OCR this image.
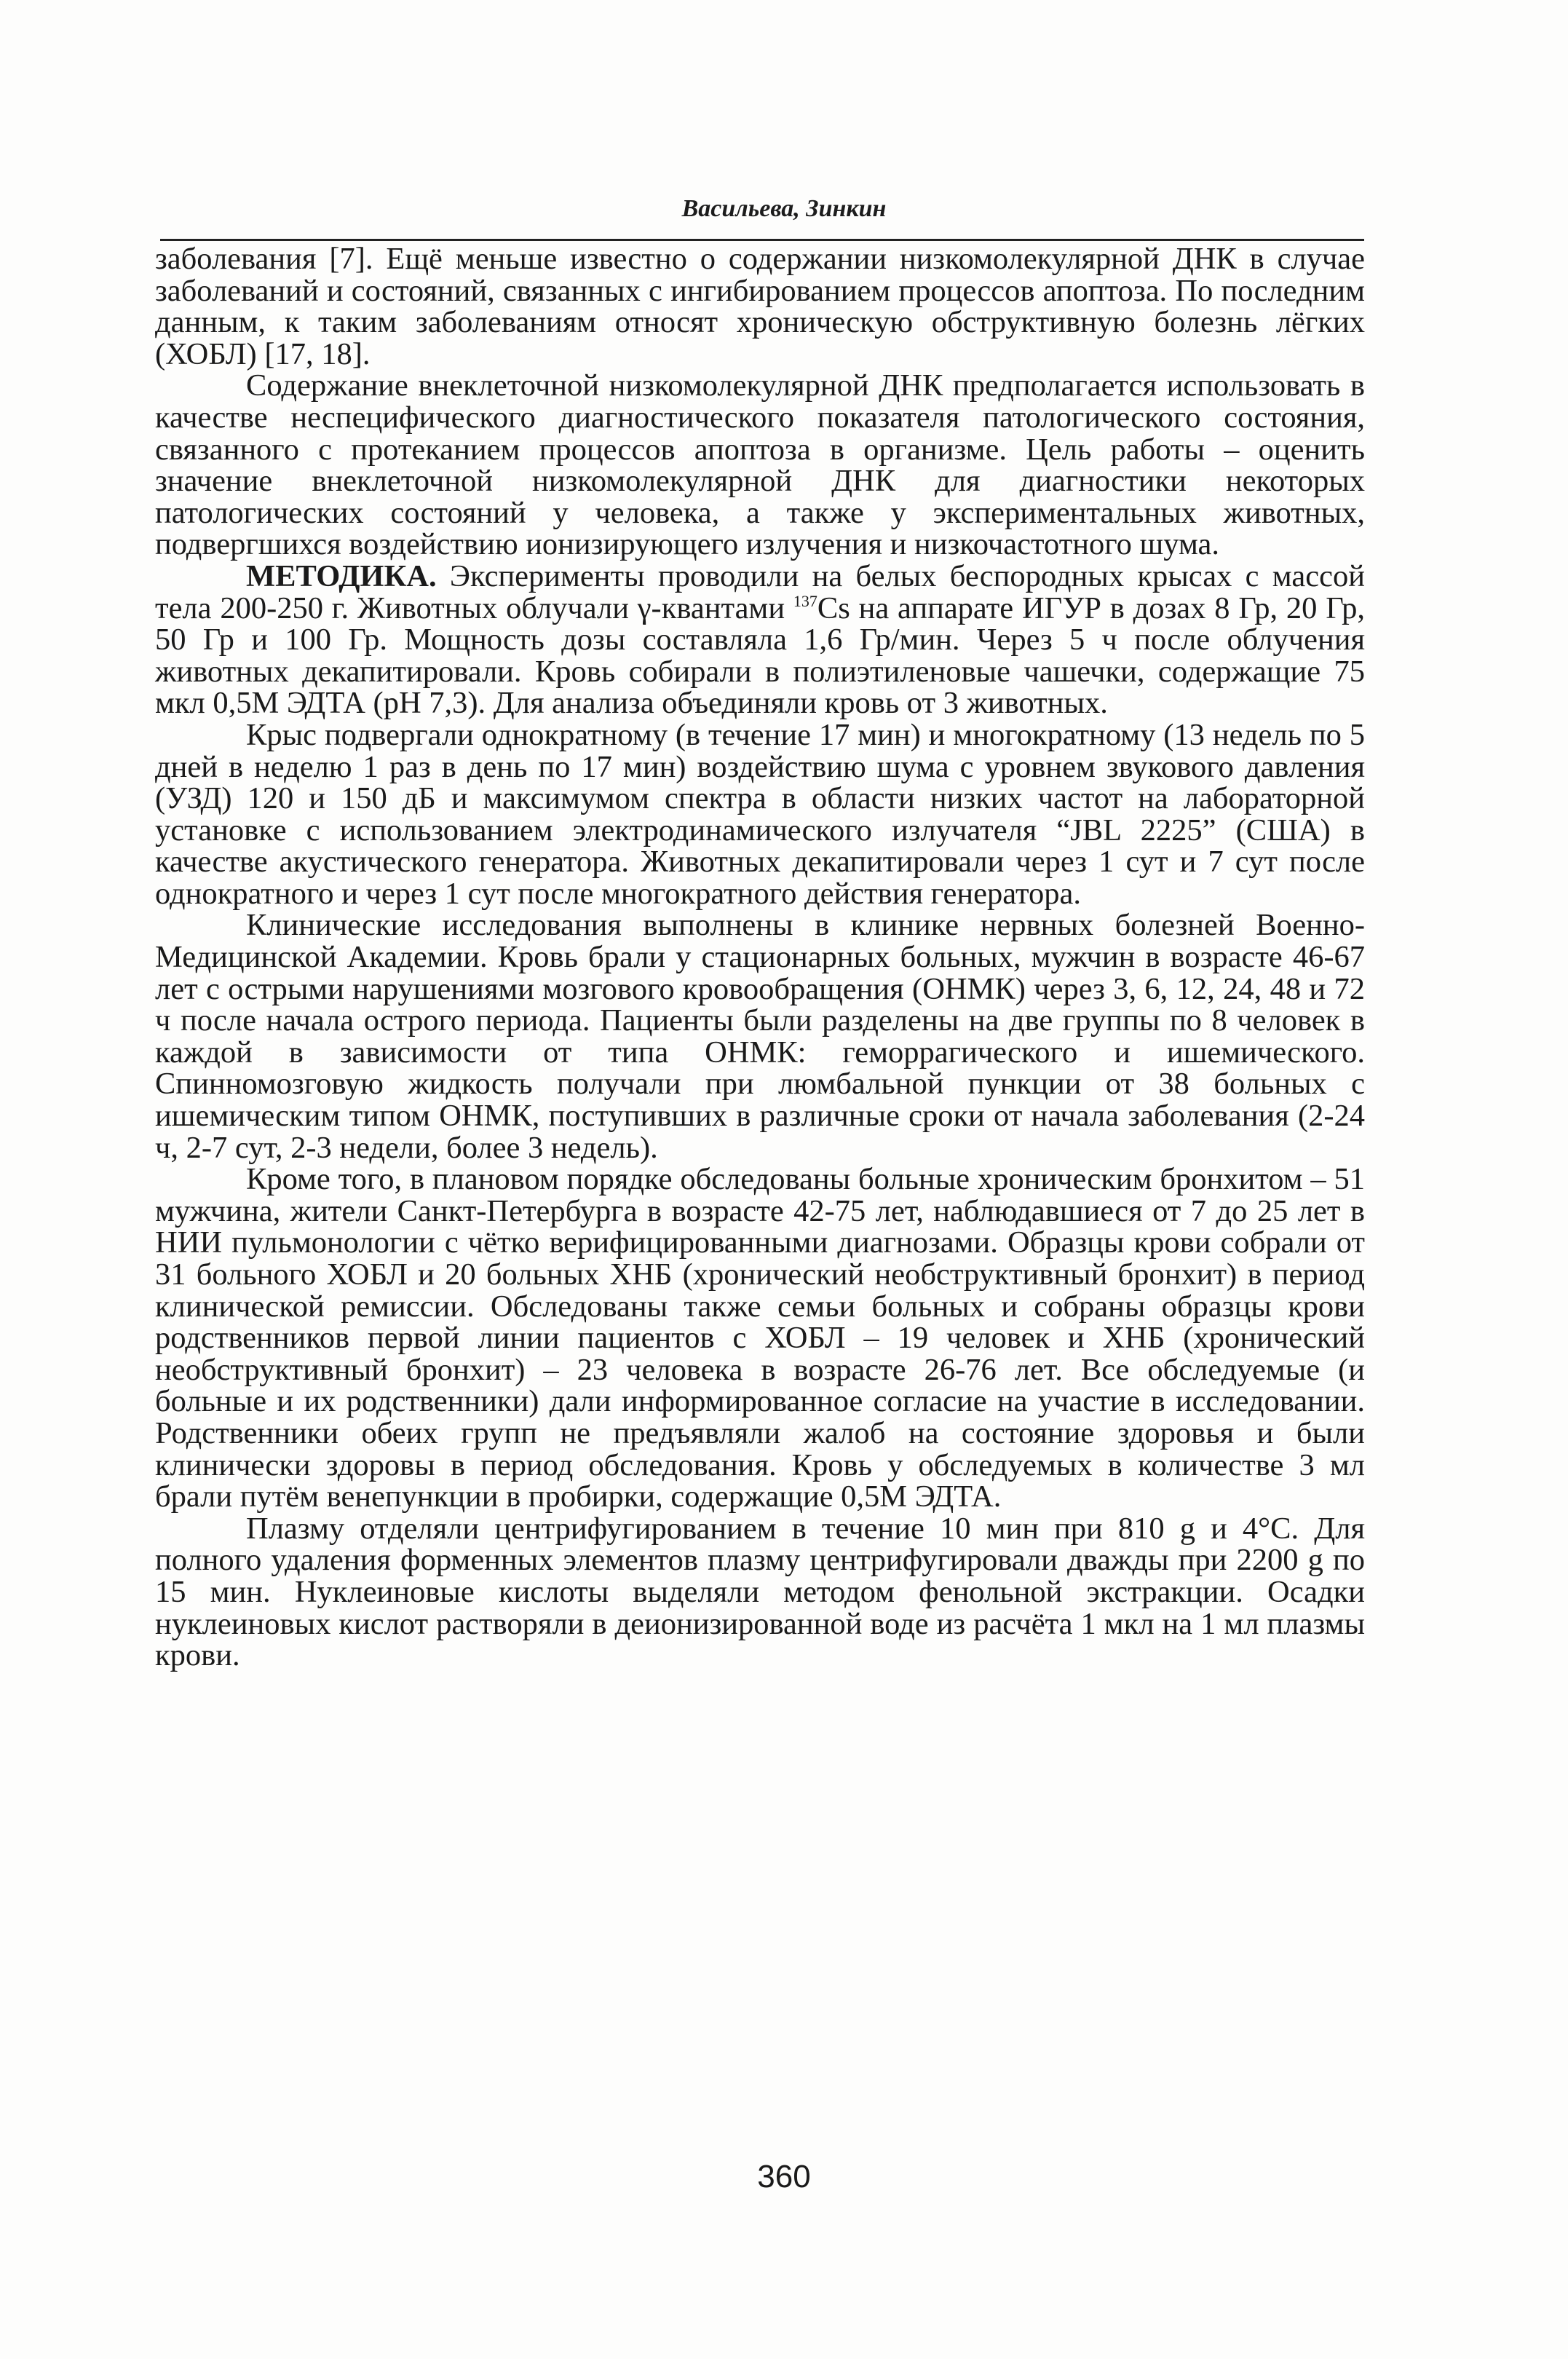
Васильева, Зинкин

заболевания [7]. Ещё меньше известно о содержании низкомолекулярной ДНК в случае заболеваний и состояний, связанных с ингибированием процессов апоптоза. По последним данным, к таким заболеваниям относят хроническую обструктивную болезнь лёгких (ХОБЛ) [17, 18].

Содержание внеклеточной низкомолекулярной ДНК предполагается использовать в качестве неспецифического диагностического показателя патологического состояния, связанного с протеканием процессов апоптоза в организме. Цель работы – оценить значение внеклеточной низкомолекулярной ДНК для диагностики некоторых патологических состояний у человека, а также у экспериментальных животных, подвергшихся воздействию ионизирующего излучения и низкочастотного шума.

МЕТОДИКА. Эксперименты проводили на белых беспородных крысах с массой тела 200-250 г. Животных облучали γ-квантами $^{137}$Cs на аппарате ИГУР в дозах 8 Гр, 20 Гр, 50 Гр и 100 Гр. Мощность дозы составляла 1,6 Гр/мин. Через 5 ч после облучения животных декапитировали. Кровь собирали в полиэтиленовые чашечки, содержащие 75 мкл 0,5М ЭДТА (pH 7,3). Для анализа объединяли кровь от 3 животных.

Крыс подвергали однократному (в течение 17 мин) и многократному (13 недель по 5 дней в неделю 1 раз в день по 17 мин) воздействию шума с уровнем звукового давления (УЗД) 120 и 150 дБ и максимумом спектра в области низких частот на лабораторной установке с использованием электродинамического излучателя “JBL 2225” (США) в качестве акустического генератора. Животных декапитировали через 1 сут и 7 сут после однократного и через 1 сут после многократного действия генератора.

Клинические исследования выполнены в клинике нервных болезней Военно-Медицинской Академии. Кровь брали у стационарных больных, мужчин в возрасте 46-67 лет с острыми нарушениями мозгового кровообращения (ОНМК) через 3, 6, 12, 24, 48 и 72 ч после начала острого периода. Пациенты были разделены на две группы по 8 человек в каждой в зависимости от типа ОНМК: геморрагического и ишемического. Спинномозговую жидкость получали при люмбальной пункции от 38 больных с ишемическим типом ОНМК, поступивших в различные сроки от начала заболевания (2-24 ч, 2-7 сут, 2-3 недели, более 3 недель).

Кроме того, в плановом порядке обследованы больные хроническим бронхитом – 51 мужчина, жители Санкт-Петербурга в возрасте 42-75 лет, наблюдавшиеся от 7 до 25 лет в НИИ пульмонологии с чётко верифицированными диагнозами. Образцы крови собрали от 31 больного ХОБЛ и 20 больных ХНБ (хронический необструктивный бронхит) в период клинической ремиссии. Обследованы также семьи больных и собраны образцы крови родственников первой линии пациентов с ХОБЛ – 19 человек и ХНБ (хронический необструктивный бронхит) – 23 человека в возрасте 26-76 лет. Все обследуемые (и больные и их родственники) дали информированное согласие на участие в исследовании. Родственники обеих групп не предъявляли жалоб на состояние здоровья и были клинически здоровы в период обследования. Кровь у обследуемых в количестве 3 мл брали путём венепункции в пробирки, содержащие 0,5М ЭДТА.

Плазму отделяли центрифугированием в течение 10 мин при 810 g и 4°С. Для полного удаления форменных элементов плазму центрифугировали дважды при 2200 g по 15 мин. Нуклеиновые кислоты выделяли методом фенольной экстракции. Осадки нуклеиновых кислот растворяли в деионизированной воде из расчёта 1 мкл на 1 мл плазмы крови.

360
